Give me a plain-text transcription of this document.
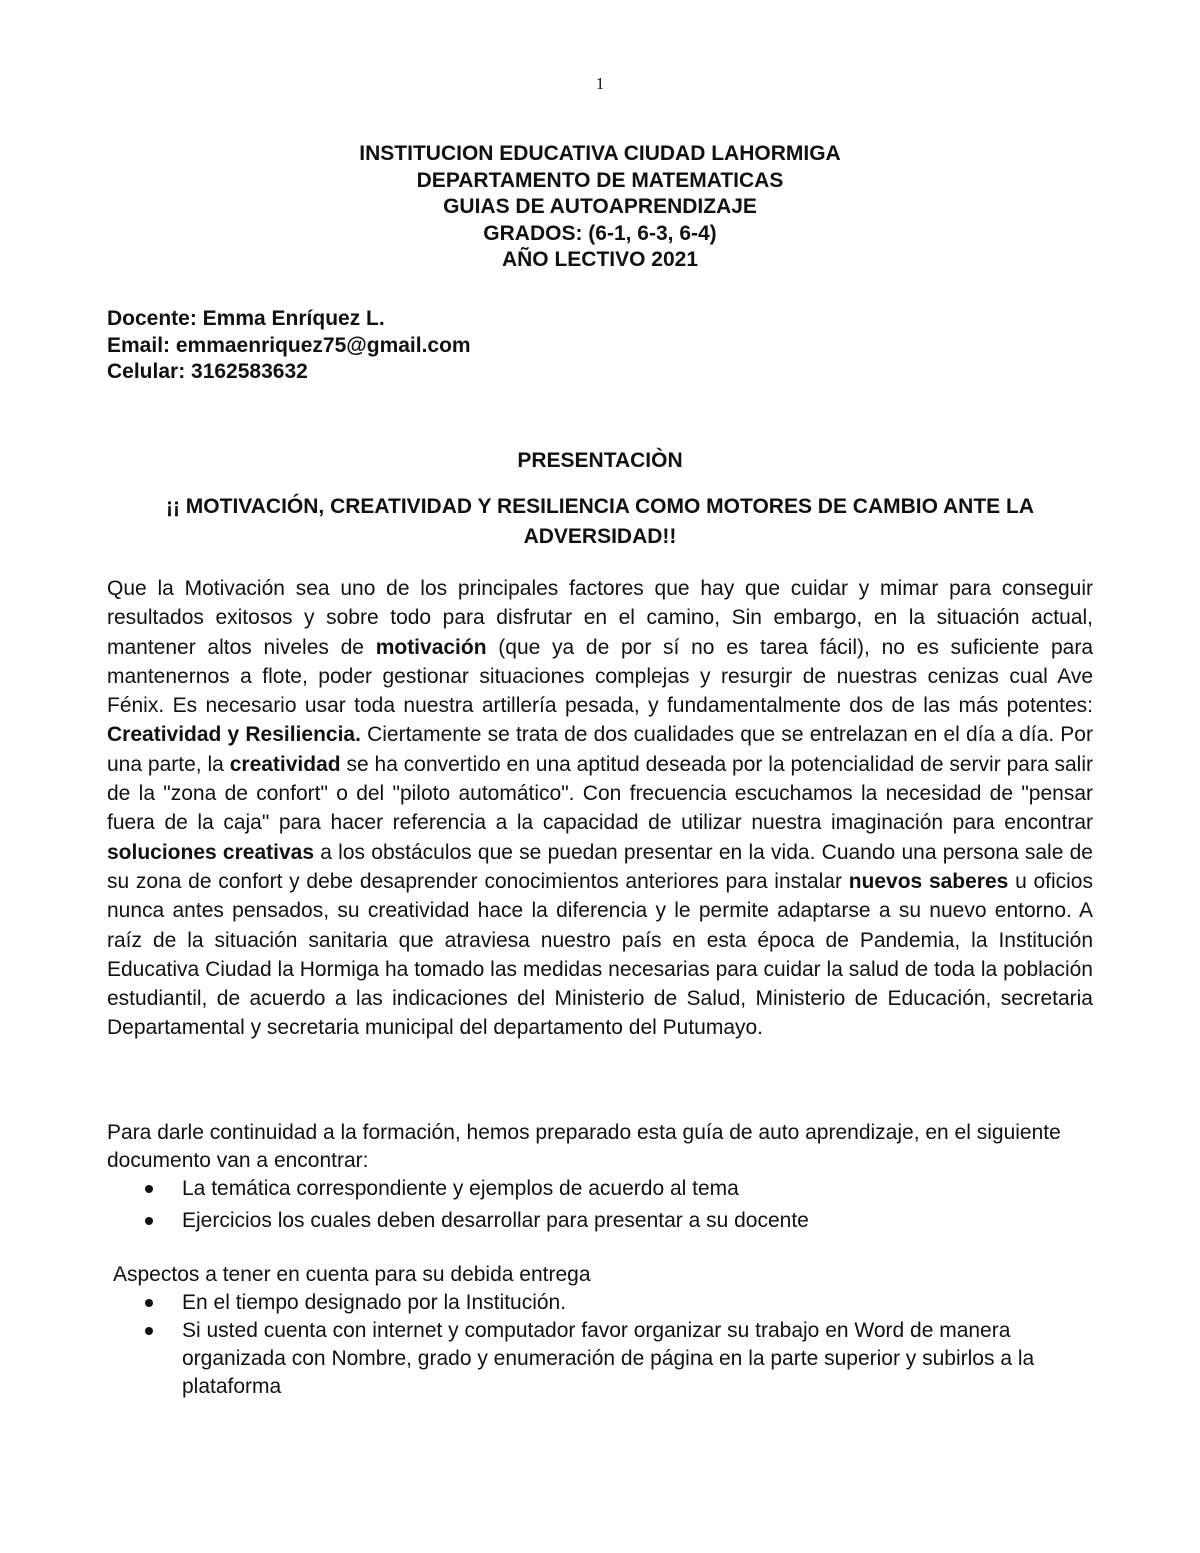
1
INSTITUCION EDUCATIVA CIUDAD LAHORMIGA
DEPARTAMENTO DE MATEMATICAS
GUIAS DE AUTOAPRENDIZAJE
GRADOS: (6-1, 6-3, 6-4)
AÑO LECTIVO 2021
Docente: Emma Enríquez L.
Email: emmaenriquez75@gmail.com
Celular: 3162583632
PRESENTACIÒN
¡¡ MOTIVACIÓN, CREATIVIDAD Y RESILIENCIA COMO MOTORES DE CAMBIO ANTE LA ADVERSIDAD!!
Que la Motivación sea uno de los principales factores que hay que cuidar y mimar para conseguir resultados exitosos y sobre todo para disfrutar en el camino, Sin embargo, en la situación actual, mantener altos niveles de motivación (que ya de por sí no es tarea fácil), no es suficiente para mantenernos a flote, poder gestionar situaciones complejas y resurgir de nuestras cenizas cual Ave Fénix. Es necesario usar toda nuestra artillería pesada, y fundamentalmente dos de las más potentes: Creatividad y Resiliencia. Ciertamente se trata de dos cualidades que se entrelazan en el día a día. Por una parte, la creatividad se ha convertido en una aptitud deseada por la potencialidad de servir para salir de la "zona de confort" o del "piloto automático". Con frecuencia escuchamos la necesidad de "pensar fuera de la caja" para hacer referencia a la capacidad de utilizar nuestra imaginación para encontrar soluciones creativas a los obstáculos que se puedan presentar en la vida. Cuando una persona sale de su zona de confort y debe desaprender conocimientos anteriores para instalar nuevos saberes u oficios nunca antes pensados, su creatividad hace la diferencia y le permite adaptarse a su nuevo entorno. A raíz de la situación sanitaria que atraviesa nuestro país en esta época de Pandemia, la Institución Educativa Ciudad la Hormiga ha tomado las medidas necesarias para cuidar la salud de toda la población estudiantil, de acuerdo a las indicaciones del Ministerio de Salud, Ministerio de Educación, secretaria Departamental y secretaria municipal del departamento del Putumayo.
Para darle continuidad a la formación, hemos preparado esta guía de auto aprendizaje, en el siguiente documento van a encontrar:
La temática correspondiente y ejemplos de acuerdo al tema
Ejercicios los cuales deben desarrollar para presentar a su docente
Aspectos a tener en cuenta para su debida entrega
En el tiempo designado por la Institución.
Si usted cuenta con internet y computador favor organizar su trabajo en Word de manera organizada con Nombre, grado y enumeración de página en la parte superior y subirlos a la plataforma
